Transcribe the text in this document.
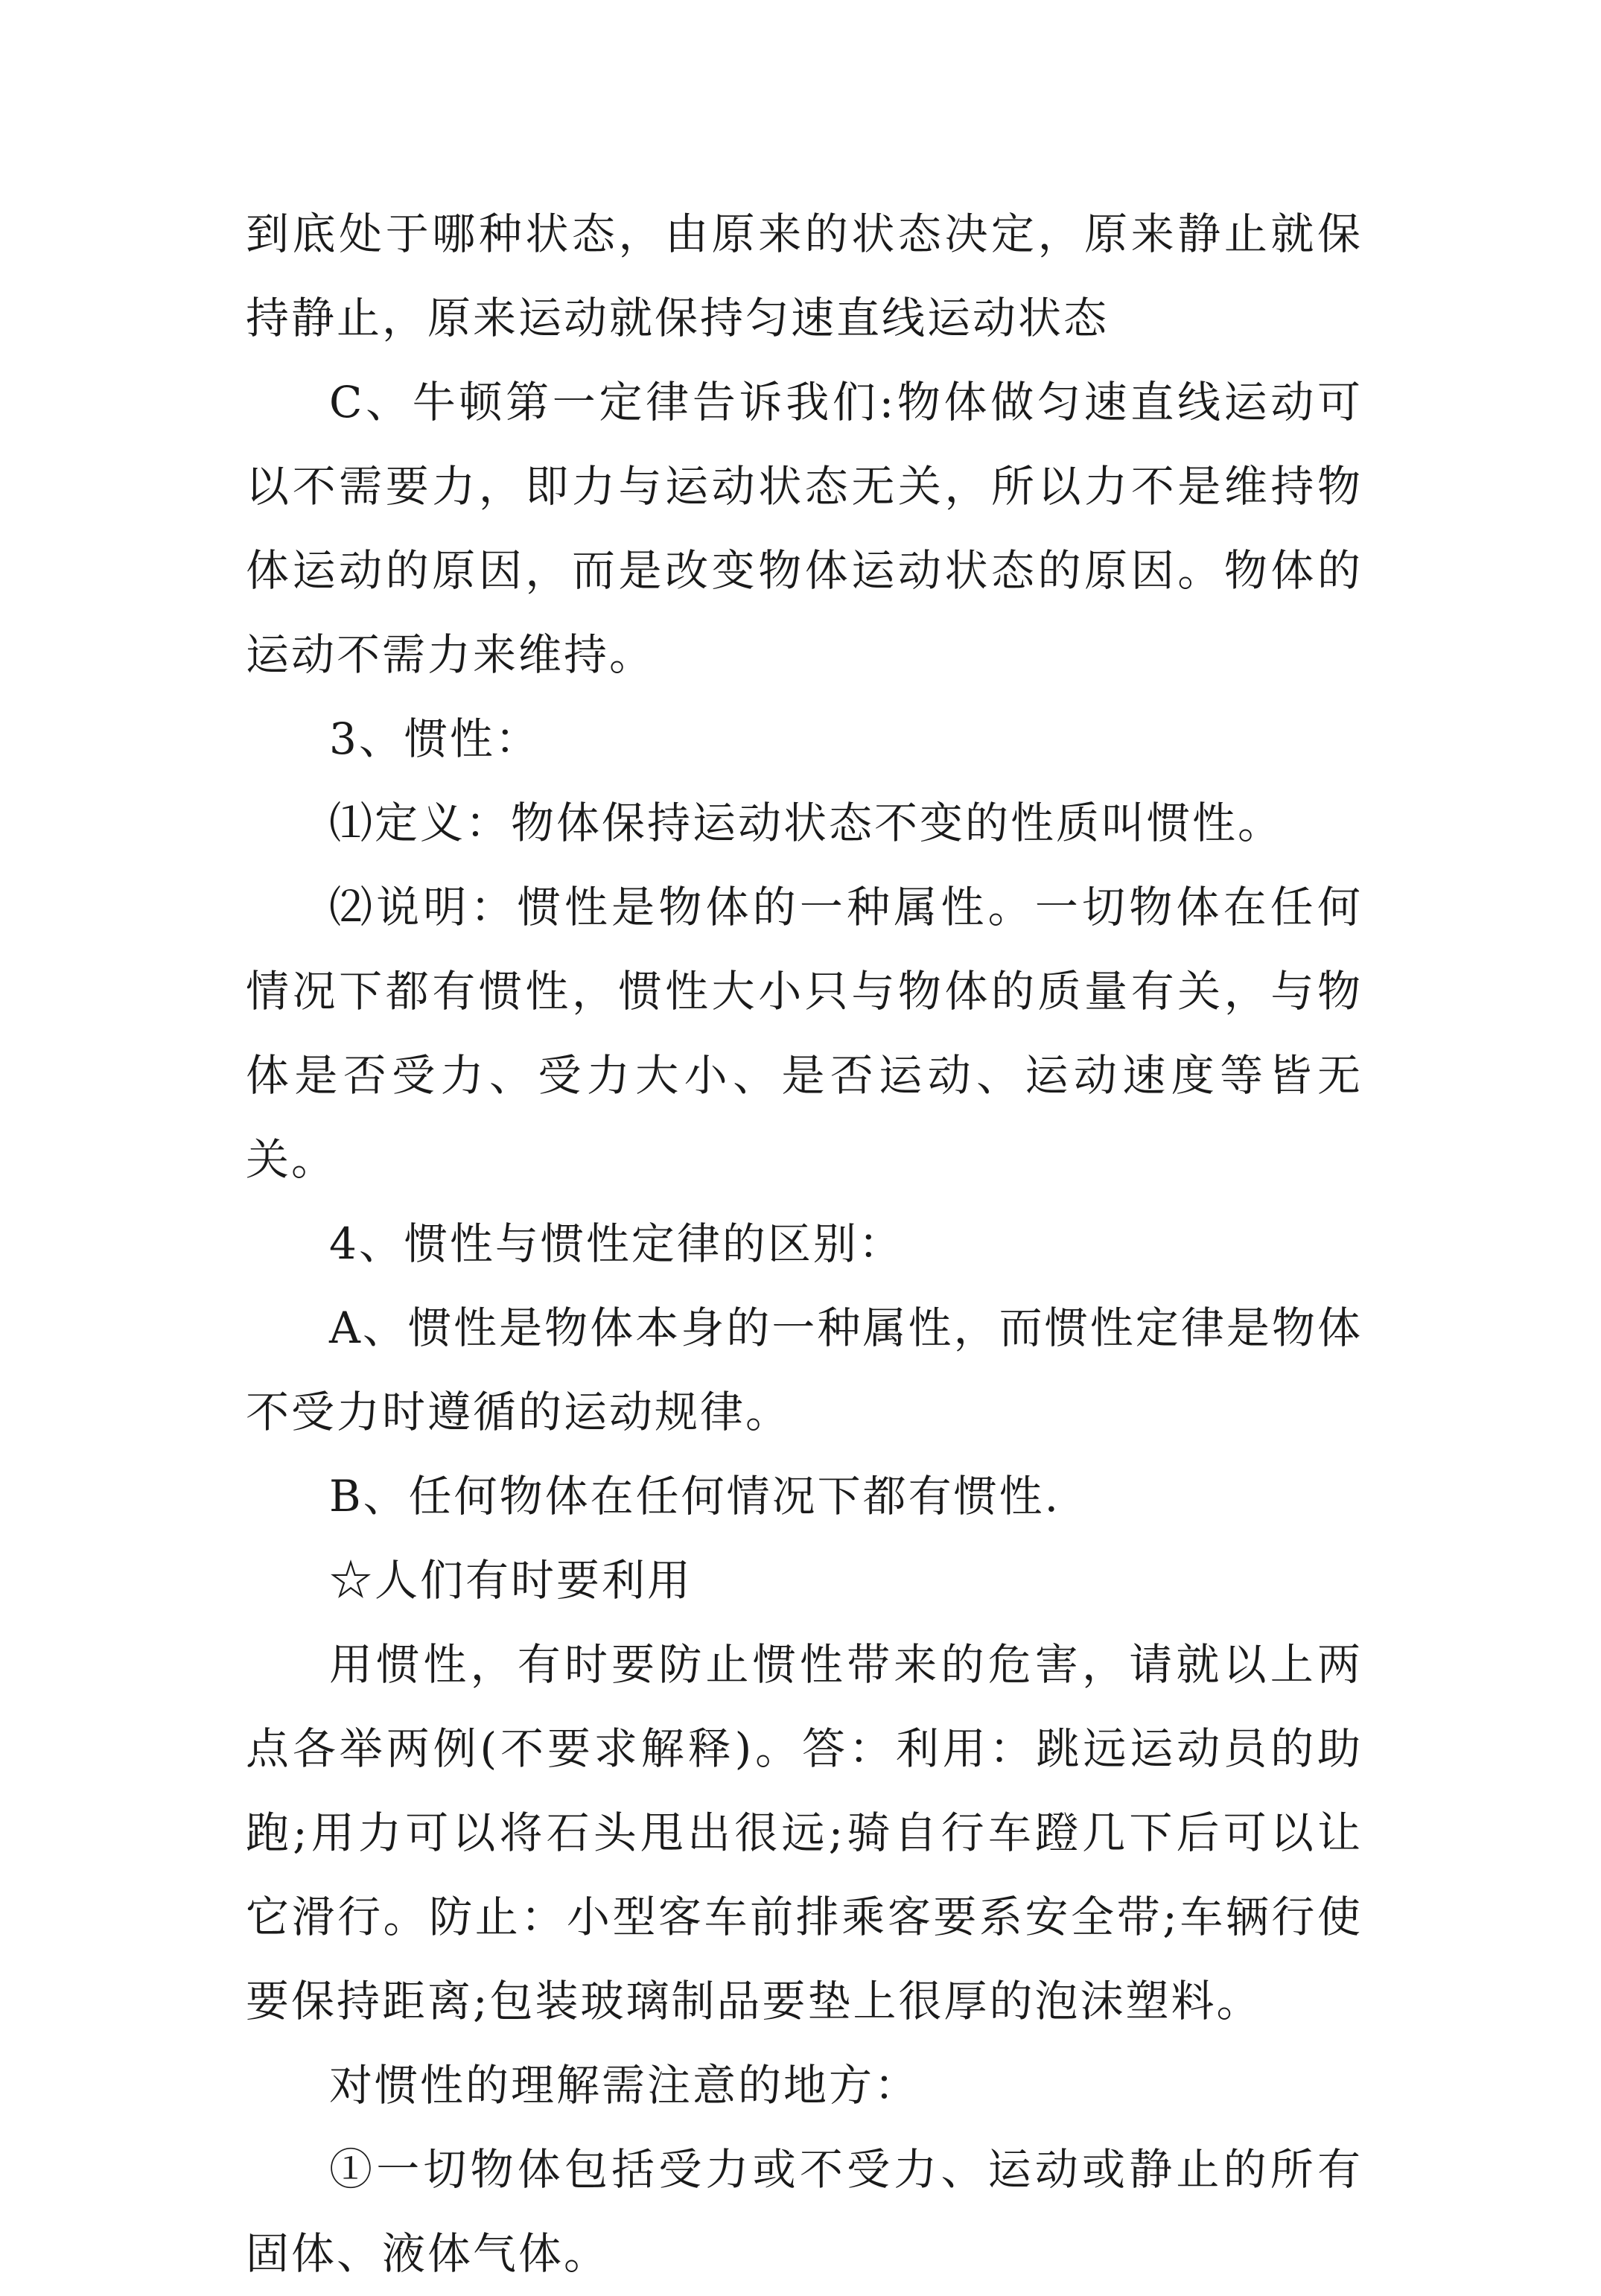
到底处于哪种状态，由原来的状态决定，原来静止就保持静止，原来运动就保持匀速直线运动状态

C、牛顿第一定律告诉我们:物体做匀速直线运动可以不需要力，即力与运动状态无关，所以力不是维持物体运动的原因，而是改变物体运动状态的原因。物体的运动不需力来维持。

3、惯性：

⑴定义：物体保持运动状态不变的性质叫惯性。

⑵说明：惯性是物体的一种属性。一切物体在任何情况下都有惯性，惯性大小只与物体的质量有关，与物体是否受力、受力大小、是否运动、运动速度等皆无关。

4、惯性与惯性定律的区别：

A、惯性是物体本身的一种属性，而惯性定律是物体不受力时遵循的运动规律。

B、任何物体在任何情况下都有惯性.

☆人们有时要利用

用惯性，有时要防止惯性带来的危害，请就以上两点各举两例(不要求解释)。答：利用：跳远运动员的助跑;用力可以将石头甩出很远;骑自行车蹬几下后可以让它滑行。防止：小型客车前排乘客要系安全带;车辆行使要保持距离;包装玻璃制品要垫上很厚的泡沫塑料。

对惯性的理解需注意的地方：

①一切物体包括受力或不受力、运动或静止的所有固体、液体气体。
